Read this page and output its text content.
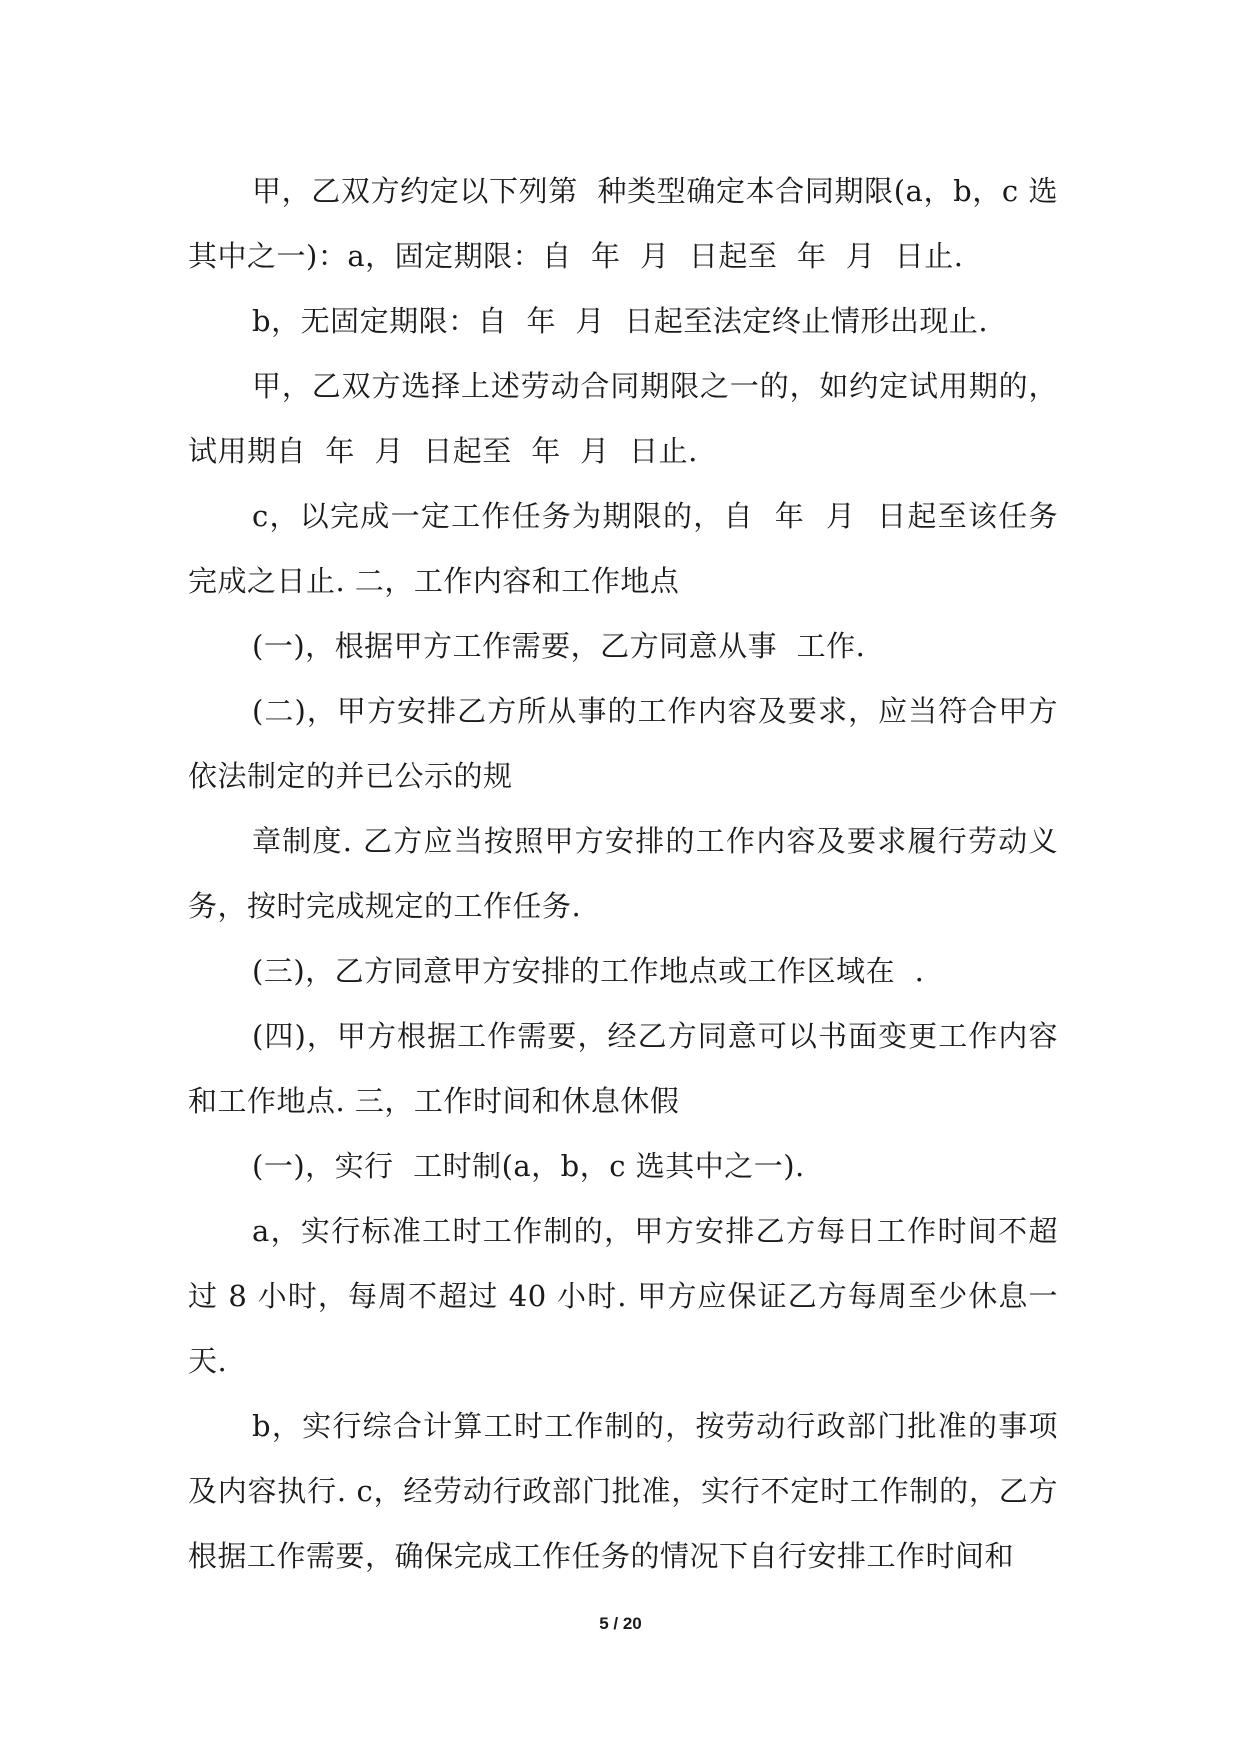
甲，乙双方约定以下列第  种类型确定本合同期限(a，b，c 选其中之一)：a，固定期限：自  年  月  日起至  年  月  日止.

b，无固定期限：自  年  月  日起至法定终止情形出现止.

甲，乙双方选择上述劳动合同期限之一的，如约定试用期的，试用期自  年  月  日起至  年  月  日止.

c，以完成一定工作任务为期限的，自  年  月  日起至该任务完成之日止. 二，工作内容和工作地点

(一)，根据甲方工作需要，乙方同意从事  工作.

(二)，甲方安排乙方所从事的工作内容及要求，应当符合甲方依法制定的并已公示的规

章制度. 乙方应当按照甲方安排的工作内容及要求履行劳动义务，按时完成规定的工作任务.

(三)，乙方同意甲方安排的工作地点或工作区域在  .

(四)，甲方根据工作需要，经乙方同意可以书面变更工作内容和工作地点. 三，工作时间和休息休假

(一)，实行  工时制(a，b，c 选其中之一).

a，实行标准工时工作制的，甲方安排乙方每日工作时间不超过 8 小时，每周不超过 40 小时. 甲方应保证乙方每周至少休息一天.

b，实行综合计算工时工作制的，按劳动行政部门批准的事项及内容执行. c，经劳动行政部门批准，实行不定时工作制的，乙方根据工作需要，确保完成工作任务的情况下自行安排工作时间和

5 / 20
